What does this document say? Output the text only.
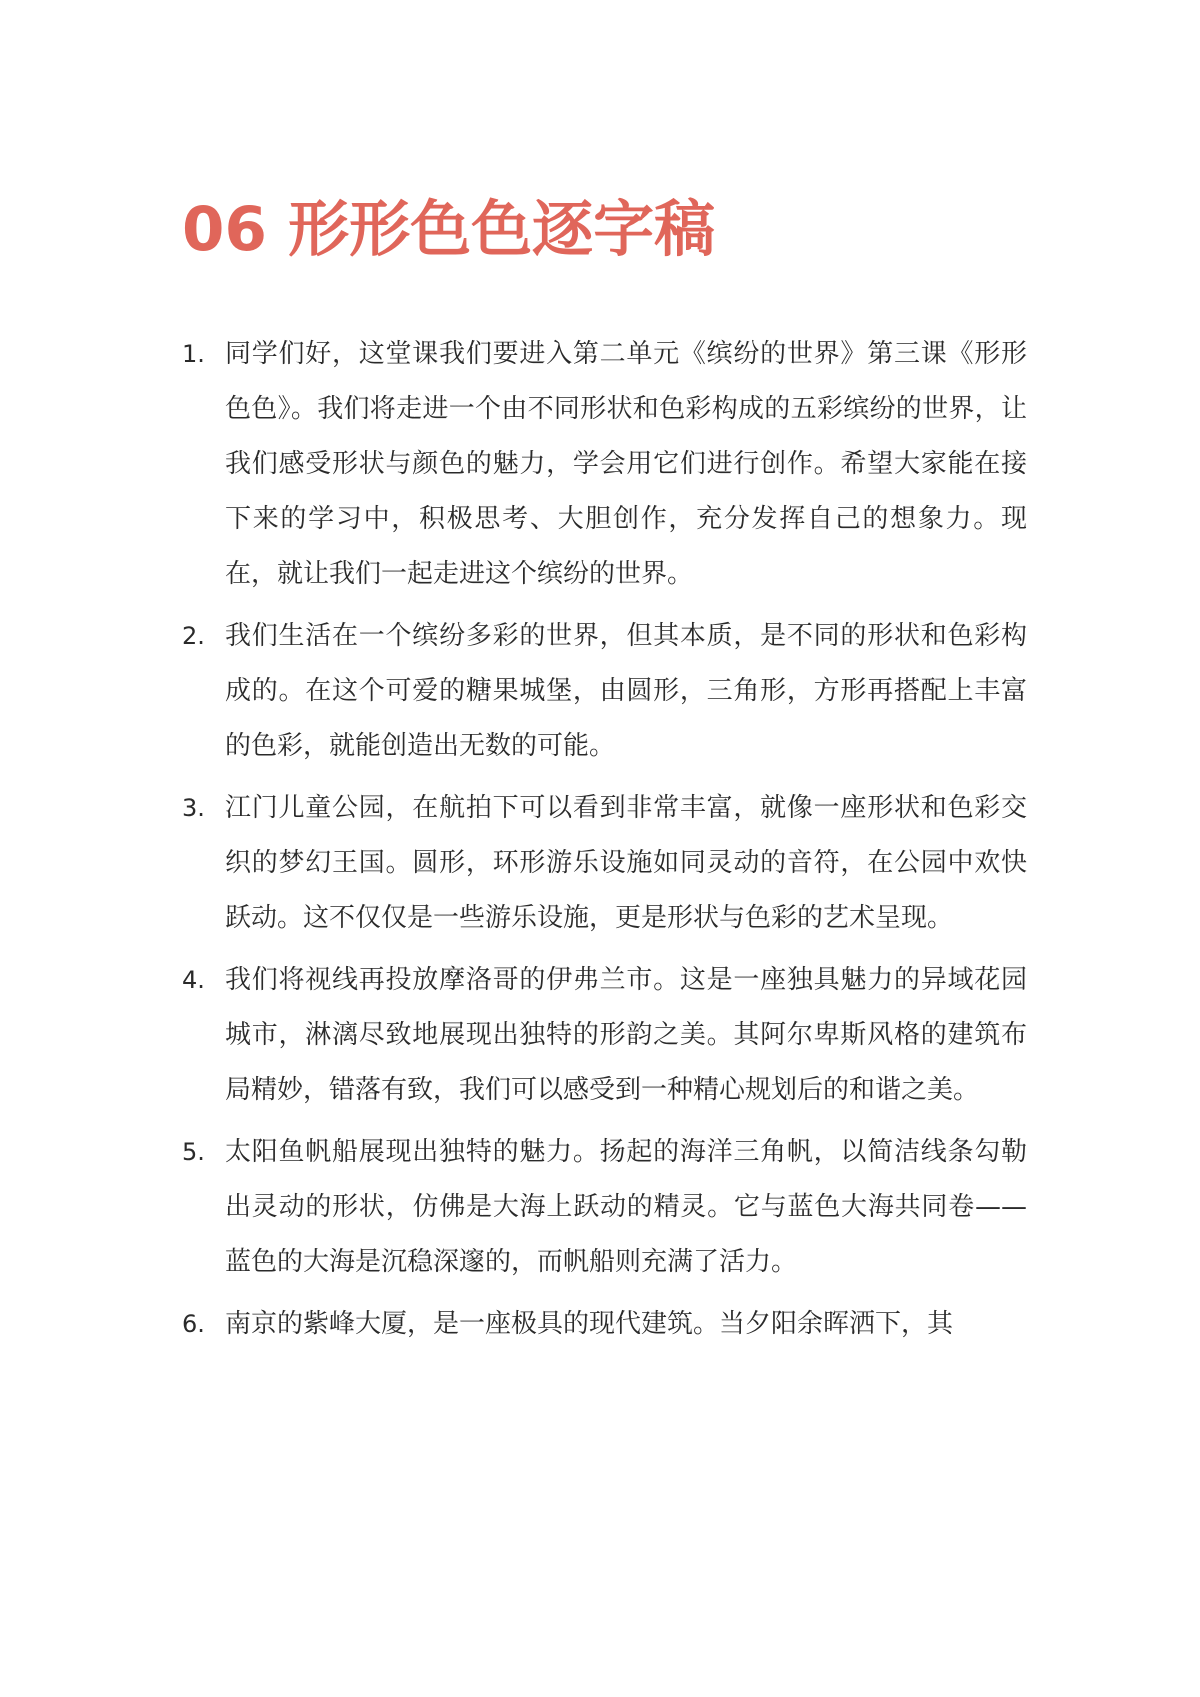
06 形形色色逐字稿
1. 同学们好，这堂课我们要进入第二单元《缤纷的世界》第三课《形形色色》。我们将走进一个由不同形状和色彩构成的五彩缤纷的世界，让我们感受形状与颜色的魅力，学会用它们进行创作。希望大家能在接下来的学习中，积极思考、大胆创作，充分发挥自己的想象力。现在，就让我们一起走进这个缤纷的世界。
2. 我们生活在一个缤纷多彩的世界，但其本质，是不同的形状和色彩构成的。在这个可爱的糖果城堡，由圆形，三角形，方形再搭配上丰富的色彩，就能创造出无数的可能。
3. 江门儿童公园，在航拍下可以看到非常丰富，就像一座形状和色彩交织的梦幻王国。圆形，环形游乐设施如同灵动的音符，在公园中欢快跃动。这不仅仅是一些游乐设施，更是形状与色彩的艺术呈现。
4. 我们将视线再投放摩洛哥的伊弗兰市。这是一座独具魅力的异域花园城市，淋漓尽致地展现出独特的形韵之美。其阿尔卑斯风格的建筑布局精妙，错落有致，我们可以感受到一种精心规划后的和谐之美。
5. 太阳鱼帆船展现出独特的魅力。扬起的海洋三角帆，以简洁线条勾勒出灵动的形状，仿佛是大海上跃动的精灵。它与蓝色大海共同卷——蓝色的大海是沉稳深邃的，而帆船则充满了活力。
6. 南京的紫峰大厦，是一座极具的现代建筑。当夕阳余晖洒下，其
